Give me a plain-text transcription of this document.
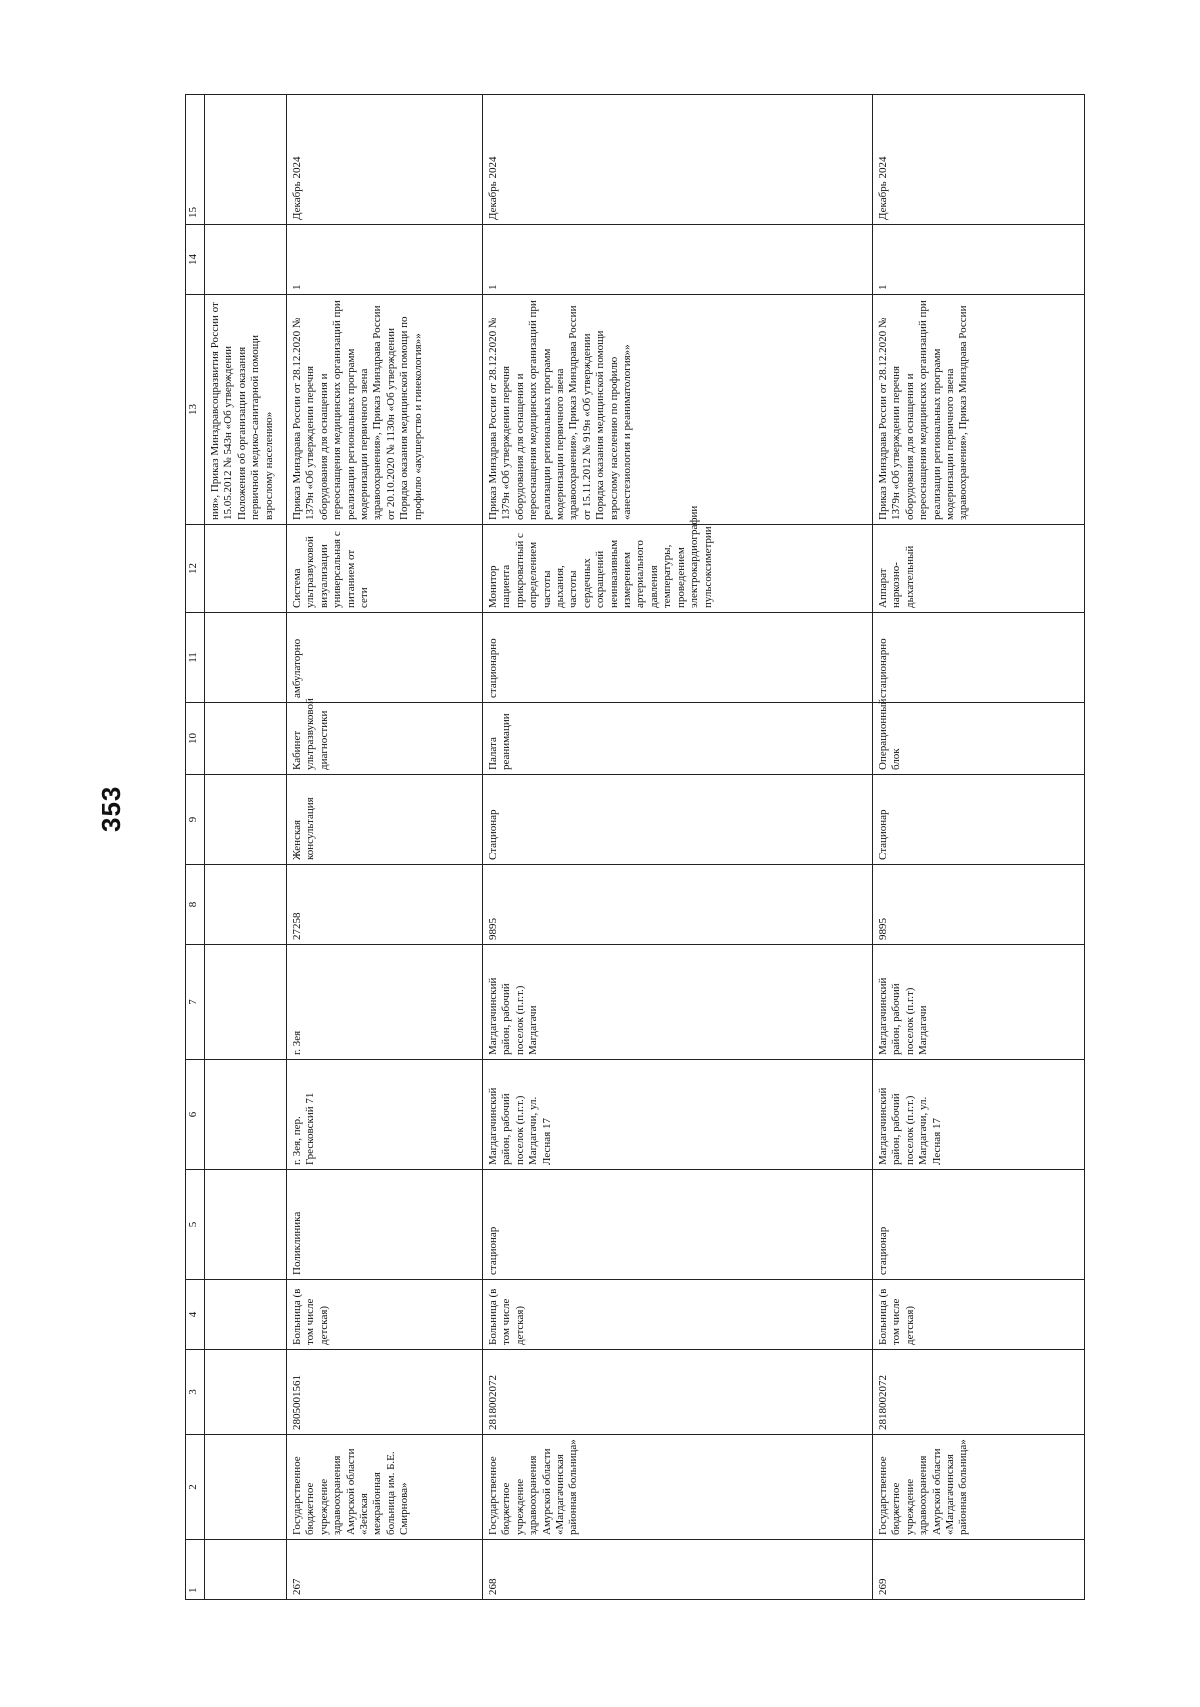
353
1	2	3	4	5	6	7	8	9	10	11	12	13	14	15
												ния», Приказ Минздравсоцразвития России от 15.05.2012 № 543н «Об утверждении Положения об организации оказания первичной медико-санитарной помощи взрослому населению»		
267	Государственное бюджетное учреждение здравоохранения Амурской области «Зейская межрайонная больница им. Б.Е. Смирнова»	2805001561	Больница (в том числе детская)	Поликлиника	г. Зея, пер. Гресковский 71	г. Зея	27258	Женская консультация	Кабинет ультразвуковой диагностики	амбулаторно	Система ультразвуковой визуализации универсальная с питанием от сети	Приказ Минздрава России от 28.12.2020 № 1379н «Об утверждении перечня оборудования для оснащения и переоснащения медицинских организаций при реализации региональных программ модернизации первичного звена здравоохранения», Приказ Минздрава России от 20.10.2020 № 1130н «Об утверждении Порядка оказания медицинской помощи по профилю «акушерство и гинекология»»	1	Декабрь 2024
268	Государственное бюджетное учреждение здравоохранения Амурской области «Магдагачинская районная больница»	2818002072	Больница (в том числе детская)	стационар	Магдагачинский район, рабочий поселок (п.г.т.) Магдагачи, ул. Лесная 17	Магдагачинский район, рабочий поселок (п.г.т.) Магдагачи	9895	Стационар	Палата реанимации	стационарно	Монитор пациента прикроватный с определением частоты дыхания, частоты сердечных сокращений неинвазивным измерением артериального давления температуры, проведением электрокардиографии пульсоксиметрии	Приказ Минздрава России от 28.12.2020 № 1379н «Об утверждении перечня оборудования для оснащения и переоснащения медицинских организаций при реализации региональных программ модернизации первичного звена здравоохранения», Приказ Минздрава России от 15.11.2012 № 919н «Об утверждении Порядка оказания медицинской помощи взрослому населению по профилю «анестезиология и реаниматология»»	1	Декабрь 2024
269	Государственное бюджетное учреждение здравоохранения Амурской области «Магдагачинская районная больница»	2818002072	Больница (в том числе детская)	стационар	Магдагачинский район, рабочий поселок (п.г.т.) Магдагачи, ул. Лесная 17	Магдагачинский район, рабочий поселок (п.г.т) Магдагачи	9895	Стационар	Операционный блок	стационарно	Аппарат наркозно-дыхательный	Приказ Минздрава России от 28.12.2020 № 1379н «Об утверждении перечня оборудования для оснащения и переоснащения медицинских организаций при реализации региональных программ модернизации первичного звена здравоохранения», Приказ Минздрава России	1	Декабрь 2024
